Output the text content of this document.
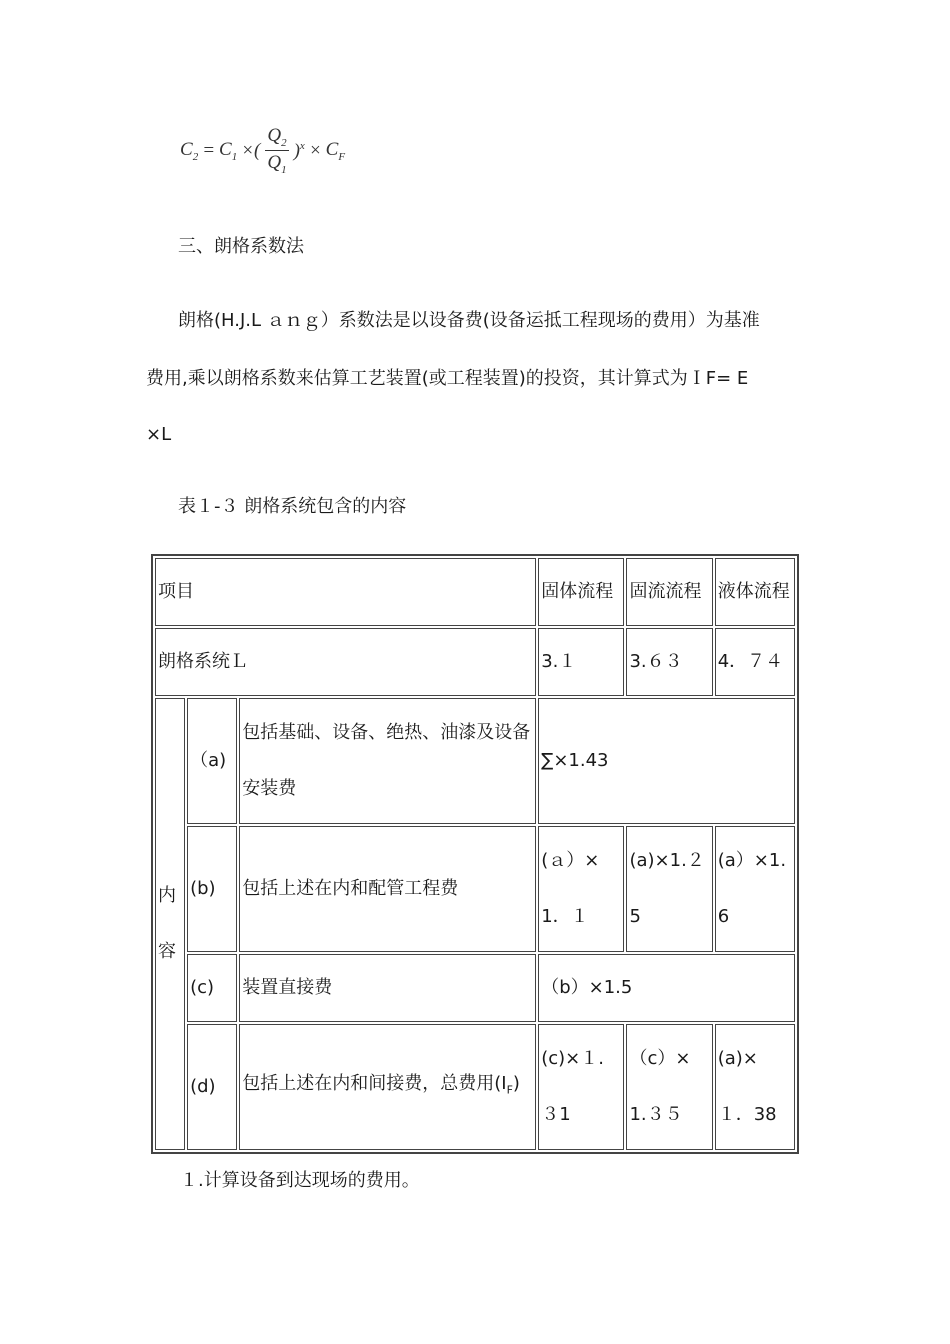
$C_2 = C_1$ ×( $\frac{Q_2}{Q_1} )^x \times C_F$
三、朗格系数法
朗格(H.J.L ａｎｇ）系数法是以设备费(设备运抵工程现场的费用）为基准
费用,乘以朗格系数来估算工艺装置(或工程装置)的投资，其计算式为ＩF= E
×L
表１-３ 朗格系统包含的内容
项目			固体流程	固流流程	液体流程
朗格系统Ｌ			3.１	3.６３	4．７４
内容	（a)	包括基础、设备、绝热、油漆及设备安装费	∑×1.43		
	(b)	包括上述在内和配管工程费	(ａ）×1．１	(a)×1.２5	(a）×1.6
	(c)	装置直接费	（b）×1.5		
	(d)	包括上述在内和间接费，总费用$(I_F)$	(c)×１.３1	（c）× 1.３５	(a)× １．38
１.计算设备到达现场的费用。
